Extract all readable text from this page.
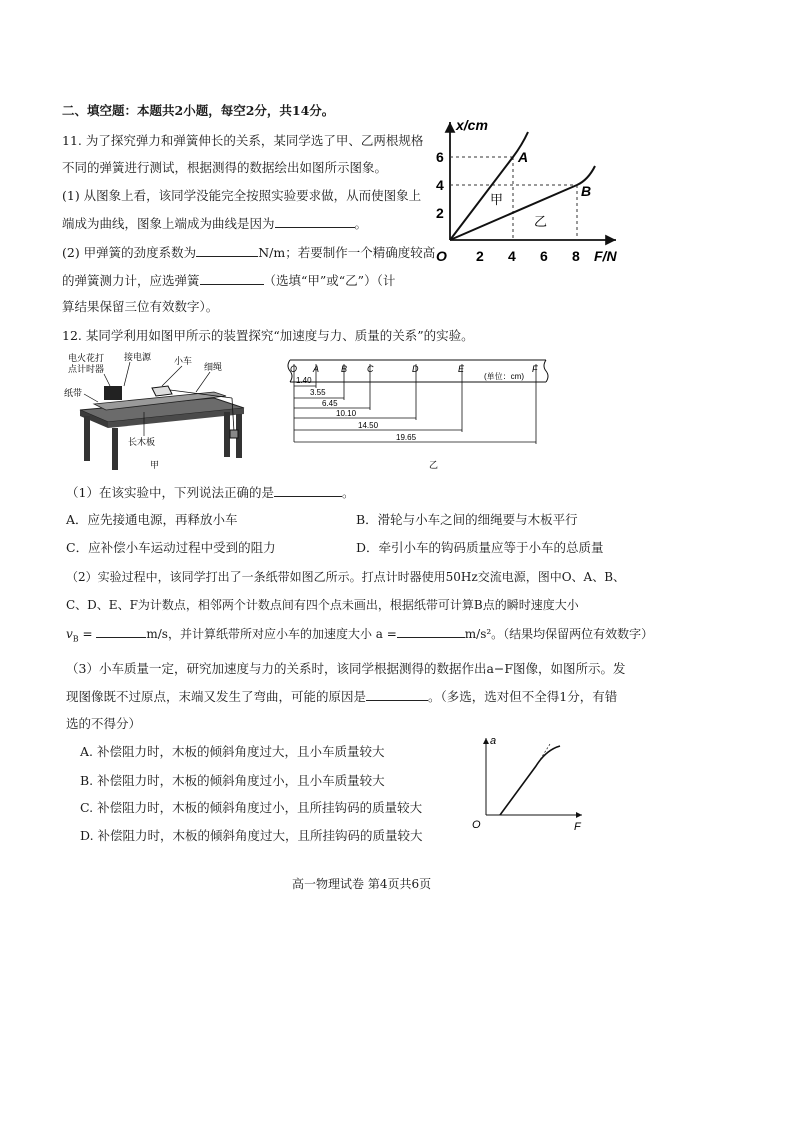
二、填空题：本题共2小题，每空2分，共14分。
11. 为了探究弹力和弹簧伸长的关系，某同学选了甲、乙两根规格
不同的弹簧进行测试，根据测得的数据绘出如图所示图象。
(1) 从图象上看，该同学没能完全按照实验要求做，从而使图象上
端成为曲线，图象上端成为曲线是因为	。
(2) 甲弹簧的劲度系数为	N/m；若要制作一个精确度较高
的弹簧测力计，应选弹簧	（选填“甲”或“乙”）（计
算结果保留三位有效数字）。
x/cm
F/N
O 2 4 6 8
2
4
6	A
B
甲
乙
12. 某同学利用如图甲所示的装置探究“加速度与力、质量的关系”的实验。
电火花打
点计时器
接电源	小车
细绳
纸带
长木板
甲
O A B C	D	E	F
(单位：cm)
1.40
3.55
6.45
10.10
14.50
19.65
乙
（1）在该实验中，下列说法正确的是	。
A．应先接通电源，再释放小车	B．滑轮与小车之间的细绳要与木板平行
C．应补偿小车运动过程中受到的阻力	D．牵引小车的钩码质量应等于小车的总质量
（2）实验过程中，该同学打出了一条纸带如图乙所示。打点计时器使用50Hz交流电源，图中O、A、B、
C、D、E、F为计数点，相邻两个计数点间有四个点未画出，根据纸带可计算B点的瞬时速度大小
$v_B$ =	m/s，并计算纸带所对应小车的加速度大小 a =	m/s²。（结果均保留两位有效数字）
（3）小车质量一定，研究加速度与力的关系时，该同学根据测得的数据作出a−F图像，如图所示。发
现图像既不过原点，末端又发生了弯曲，可能的原因是	。（多选，选对但不全得1分，有错
选的不得分）
A. 补偿阻力时，木板的倾斜角度过大，且小车质量较大
B. 补偿阻力时，木板的倾斜角度过小，且小车质量较大
C. 补偿阻力时，木板的倾斜角度过小，且所挂钩码的质量较大
D. 补偿阻力时，木板的倾斜角度过大，且所挂钩码的质量较大
a
F
O
高一物理试卷 第4页共6页
